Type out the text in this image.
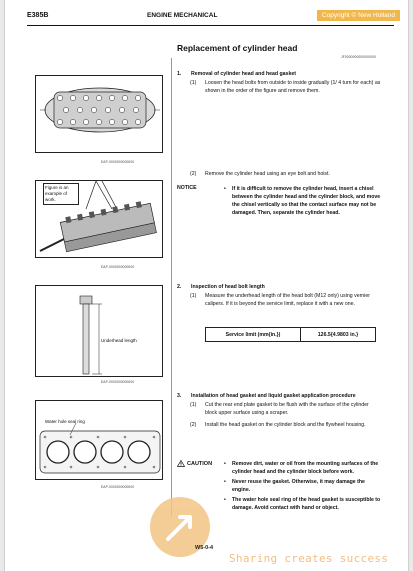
E385B	ENGINE MECHANICAL	Copyright © New Holland
Replacement of cylinder head
JF0000000000000000
EAP-0000000000000
Figure is an example of work.
EAP-0000000000000
Underhead length
EAP-0000000000000
Water hole seal ring
EAP-0000000000000
1.	Removal of cylinder head and head gasket
(1) Loosen the head bolts from outside to inside gradually (1/ 4 turn for each) as shown in the order of the figure and remove them.
(2) Remove the cylinder head using an eye bolt and hoist.
NOTICE	• If it is difficult to remove the cylinder head, insert a chisel between the cylinder head and the cylinder block, and move the chisel vertically so that the contact surface may not be damaged. Then, separate the cylinder head.
2.	Inspection of head bolt length
(1) Measure the underhead length of the head bolt (M12 only) using vernier calipers. If it is beyond the service limit, replace it with a new one.
Service limit (mm{in.})	126.5{4.9803 in.}
3.	Installation of head gasket and liquid gasket application procedure
(1) Cut the rear end plate gasket to be flush with the surface of the cylinder block upper surface using a scraper.
(2) Install the head gasket on the cylinder block and the flywheel housing.
CAUTION	• Remove dirt, water or oil from the mounting surfaces of the cylinder head and the cylinder block before work.
• Never reuse the gasket. Otherwise, it may damage the engine.
• The water hole seal ring of the head gasket is susceptible to damage. Avoid contact with hand or object.
W5-0-4
Sharing creates success
